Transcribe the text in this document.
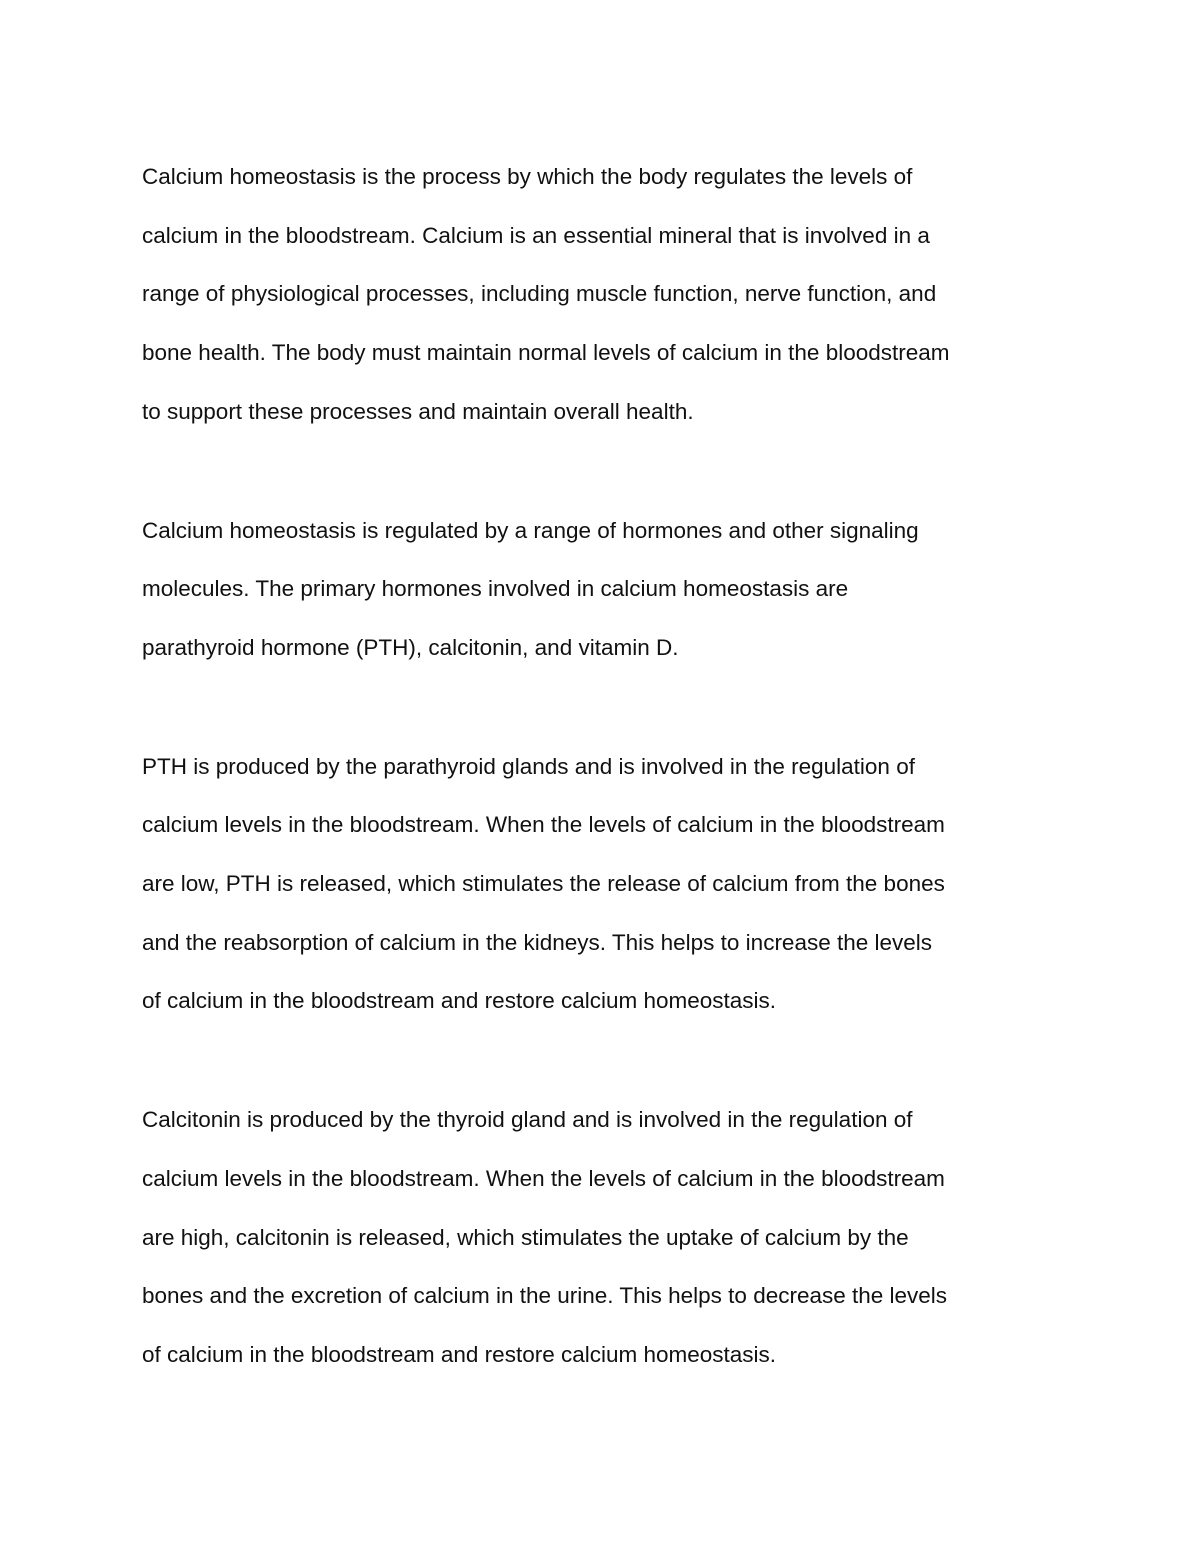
Calcium homeostasis is the process by which the body regulates the levels of
calcium in the bloodstream. Calcium is an essential mineral that is involved in a
range of physiological processes, including muscle function, nerve function, and
bone health. The body must maintain normal levels of calcium in the bloodstream
to support these processes and maintain overall health.

Calcium homeostasis is regulated by a range of hormones and other signaling
molecules. The primary hormones involved in calcium homeostasis are
parathyroid hormone (PTH), calcitonin, and vitamin D.

PTH is produced by the parathyroid glands and is involved in the regulation of
calcium levels in the bloodstream. When the levels of calcium in the bloodstream
are low, PTH is released, which stimulates the release of calcium from the bones
and the reabsorption of calcium in the kidneys. This helps to increase the levels
of calcium in the bloodstream and restore calcium homeostasis.

Calcitonin is produced by the thyroid gland and is involved in the regulation of
calcium levels in the bloodstream. When the levels of calcium in the bloodstream
are high, calcitonin is released, which stimulates the uptake of calcium by the
bones and the excretion of calcium in the urine. This helps to decrease the levels
of calcium in the bloodstream and restore calcium homeostasis.
